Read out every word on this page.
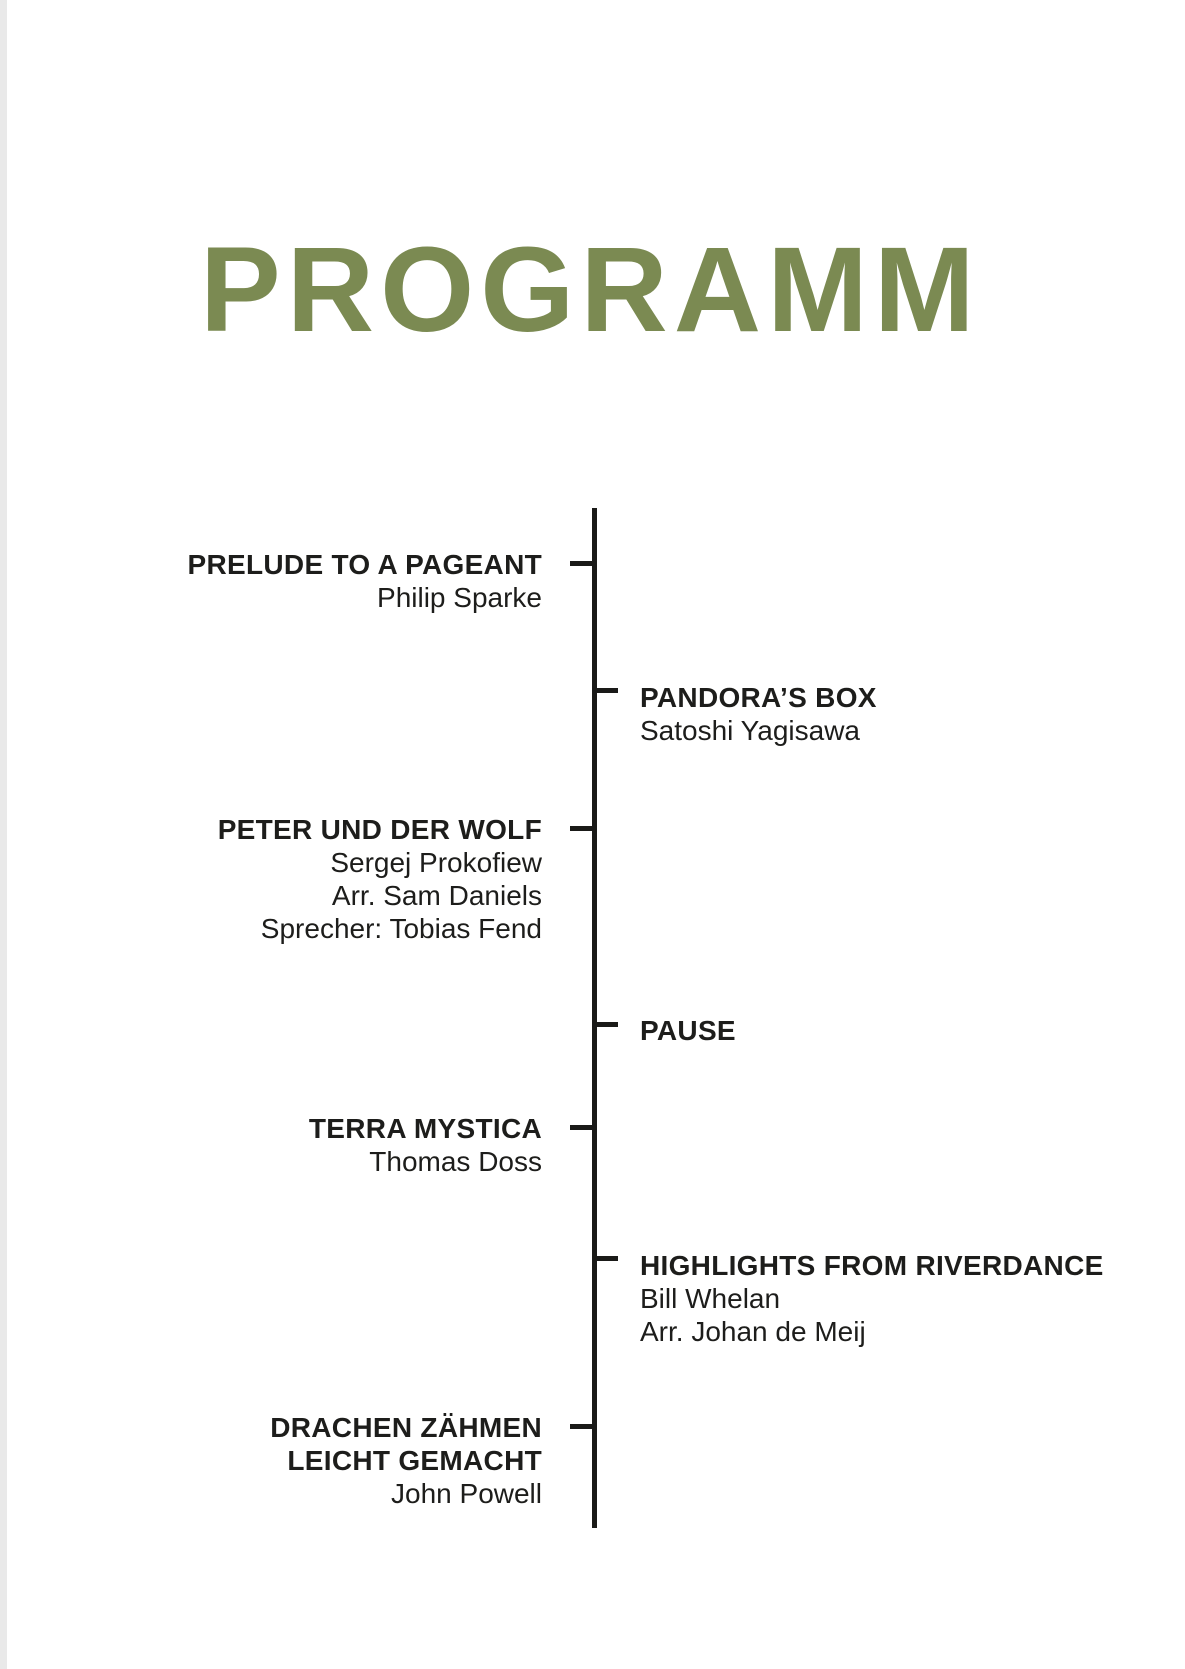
PROGRAMM
PRELUDE TO A PAGEANT
Philip Sparke
PANDORA’S BOX
Satoshi Yagisawa
PETER UND DER WOLF
Sergej Prokofiew
Arr. Sam Daniels
Sprecher: Tobias Fend
PAUSE
TERRA MYSTICA
Thomas Doss
HIGHLIGHTS FROM RIVERDANCE
Bill Whelan
Arr. Johan de Meij
DRACHEN ZÄHMEN
LEICHT GEMACHT
John Powell
